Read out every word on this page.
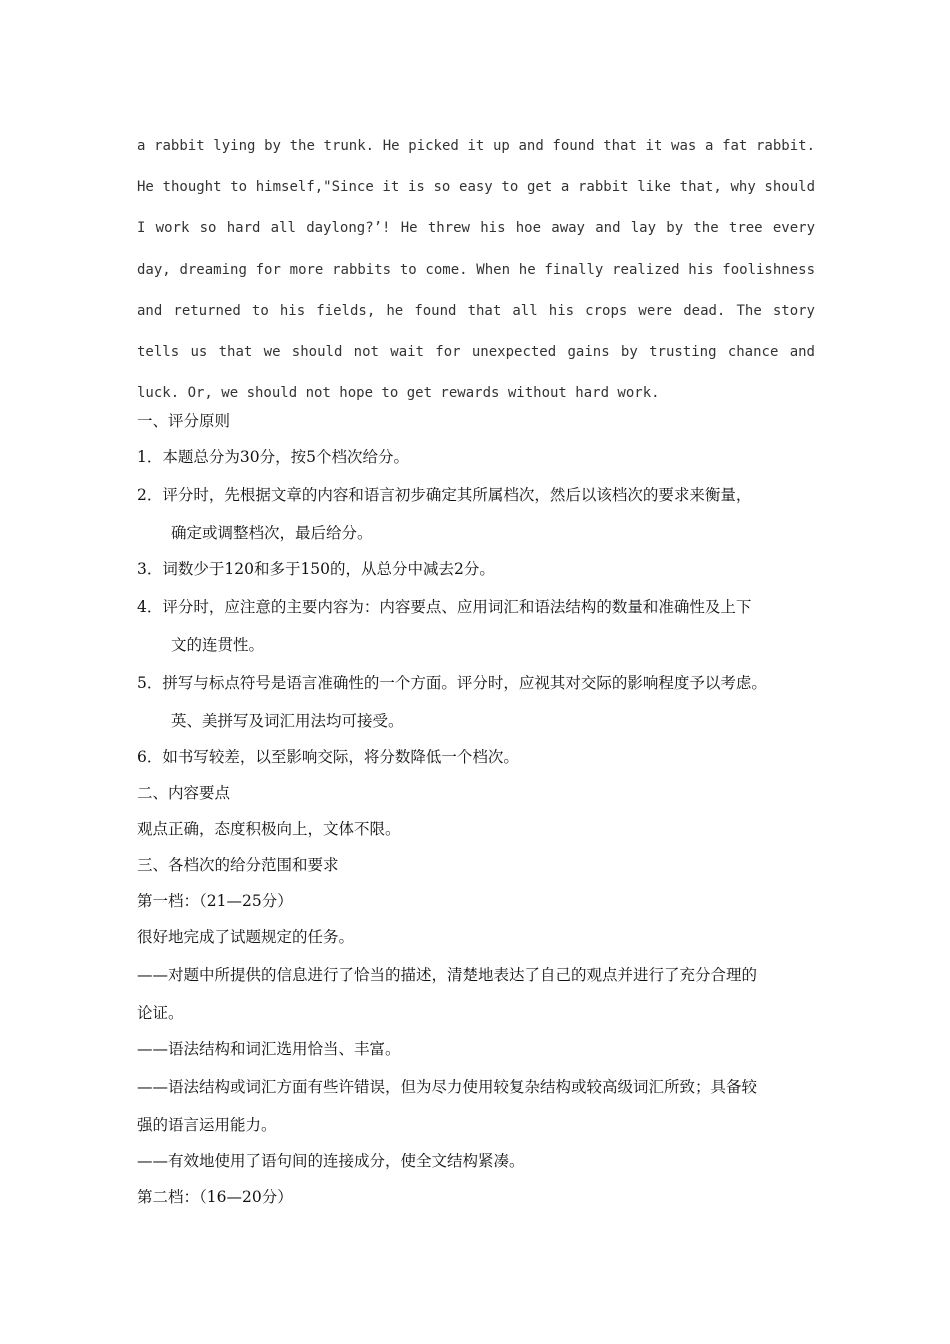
a rabbit lying by the trunk. He picked it up and found that it was a fat rabbit. He thought to himself,"Since it is so easy to get a rabbit like that, why should I work so hard all daylong?’! He threw his hoe away and lay by the tree every day, dreaming for more rabbits to come. When he finally realized his foolishness and returned to his fields, he found that all his crops were dead. The story tells us that we should not wait for unexpected gains by trusting chance and luck. Or, we should not hope to get rewards without hard work.

一、评分原则
1．本题总分为30分，按5个档次给分。
2．评分时，先根据文章的内容和语言初步确定其所属档次，然后以该档次的要求来衡量，
确定或调整档次，最后给分。
3．词数少于120和多于150的，从总分中减去2分。
4．评分时，应注意的主要内容为：内容要点、应用词汇和语法结构的数量和准确性及上下
文的连贯性。
5．拼写与标点符号是语言准确性的一个方面。评分时，应视其对交际的影响程度予以考虑。
英、美拼写及词汇用法均可接受。
6．如书写较差，以至影响交际，将分数降低一个档次。
二、内容要点
观点正确，态度积极向上，文体不限。
三、各档次的给分范围和要求
第一档：（21—25分）
很好地完成了试题规定的任务。
——对题中所提供的信息进行了恰当的描述，清楚地表达了自己的观点并进行了充分合理的
论证。
——语法结构和词汇选用恰当、丰富。
——语法结构或词汇方面有些许错误，但为尽力使用较复杂结构或较高级词汇所致；具备较
强的语言运用能力。
——有效地使用了语句间的连接成分，使全文结构紧凑。
第二档：（16—20分）
